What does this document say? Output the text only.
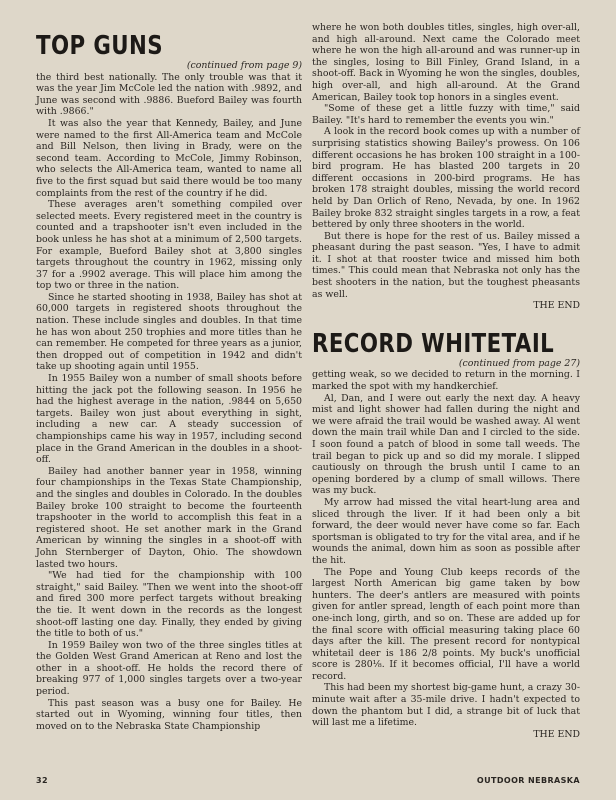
TOP GUNS

(continued from page 9)

the third best nationally. The only trouble was that it was the year Jim McCole led the nation with .9892, and June was second with .9886. Bueford Bailey was fourth with .9866."

It was also the year that Kennedy, Bailey, and June were named to the first All-America team and McCole and Bill Nelson, then living in Brady, were on the second team. According to McCole, Jimmy Robinson, who selects the All-America team, wanted to name all five to the first squad but said there would be too many complaints from the rest of the country if he did.

These averages aren't something compiled over selected meets. Every registered meet in the country is counted and a trapshooter isn't even included in the book unless he has shot at a minimum of 2,500 targets. For example, Bueford Bailey shot at 3,800 singles targets throughout the country in 1962, missing only 37 for a .9902 average. This will place him among the top two or three in the nation.

Since he started shooting in 1938, Bailey has shot at 60,000 targets in registered shoots throughout the nation. These include singles and doubles. In that time he has won about 250 trophies and more titles than he can remember. He competed for three years as a junior, then dropped out of competition in 1942 and didn't take up shooting again until 1955.

In 1955 Bailey won a number of small shoots before hitting the jack pot the following season. In 1956 he had the highest average in the nation, .9844 on 5,650 targets. Bailey won just about everything in sight, including a new car. A steady succession of championships came his way in 1957, including second place in the Grand American in the doubles in a shoot-off.

Bailey had another banner year in 1958, winning four championships in the Texas State Championship, and the singles and doubles in Colorado. In the doubles Bailey broke 100 straight to become the fourteenth trapshooter in the world to accomplish this feat in a registered shoot. He set another mark in the Grand American by winning the singles in a shoot-off with John Sternberger of Dayton, Ohio. The showdown lasted two hours.

"We had tied for the championship with 100 straight," said Bailey. "Then we went into the shoot-off and fired 300 more perfect targets without breaking the tie. It went down in the records as the longest shoot-off lasting one day. Finally, they ended by giving the title to both of us."

In 1959 Bailey won two of the three singles titles at the Golden West Grand American at Reno and lost the other in a shoot-off. He holds the record there of breaking 977 of 1,000 singles targets over a two-year period.

This past season was a busy one for Bailey. He started out in Wyoming, winning four titles, then moved on to the Nebraska State Championship

where he won both doubles titles, singles, high over-all, and high all-around. Next came the Colorado meet where he won the high all-around and was runner-up in the singles, losing to Bill Finley, Grand Island, in a shoot-off. Back in Wyoming he won the singles, doubles, high over-all, and high all-around. At the Grand American, Bailey took top honors in a singles event.

"Some of these get a little fuzzy with time," said Bailey. "It's hard to remember the events you win."

A look in the record book comes up with a number of surprising statistics showing Bailey's prowess. On 106 different occasions he has broken 100 straight in a 100-bird program. He has blasted 200 targets in 20 different occasions in 200-bird programs. He has broken 178 straight doubles, missing the world record held by Dan Orlich of Reno, Nevada, by one. In 1962 Bailey broke 832 straight singles targets in a row, a feat bettered by only three shooters in the world.

But there is hope for the rest of us. Bailey missed a pheasant during the past season. "Yes, I have to admit it. I shot at that rooster twice and missed him both times." This could mean that Nebraska not only has the best shooters in the nation, but the toughest pheasants as well.

THE END

RECORD WHITETAIL

(continued from page 27)

getting weak, so we decided to return in the morning. I marked the spot with my handkerchief.

Al, Dan, and I were out early the next day. A heavy mist and light shower had fallen during the night and we were afraid the trail would be washed away. Al went down the main trail while Dan and I circled to the side. I soon found a patch of blood in some tall weeds. The trail began to pick up and so did my morale. I slipped cautiously on through the brush until I came to an opening bordered by a clump of small willows. There was my buck.

My arrow had missed the vital heart-lung area and sliced through the liver. If it had been only a bit forward, the deer would never have come so far. Each sportsman is obligated to try for the vital area, and if he wounds the animal, down him as soon as possible after the hit.

The Pope and Young Club keeps records of the largest North American big game taken by bow hunters. The deer's antlers are measured with points given for antler spread, length of each point more than one-inch long, girth, and so on. These are added up for the final score with official measuring taking place 60 days after the kill. The present record for nontypical whitetail deer is 186 2/8 points. My buck's unofficial score is 280⅛. If it becomes official, I'll have a world record.

This had been my shortest big-game hunt, a crazy 30-minute wait after a 35-mile drive. I hadn't expected to down the phantom but I did, a strange bit of luck that will last me a lifetime.

THE END

32	OUTDOOR NEBRASKA
